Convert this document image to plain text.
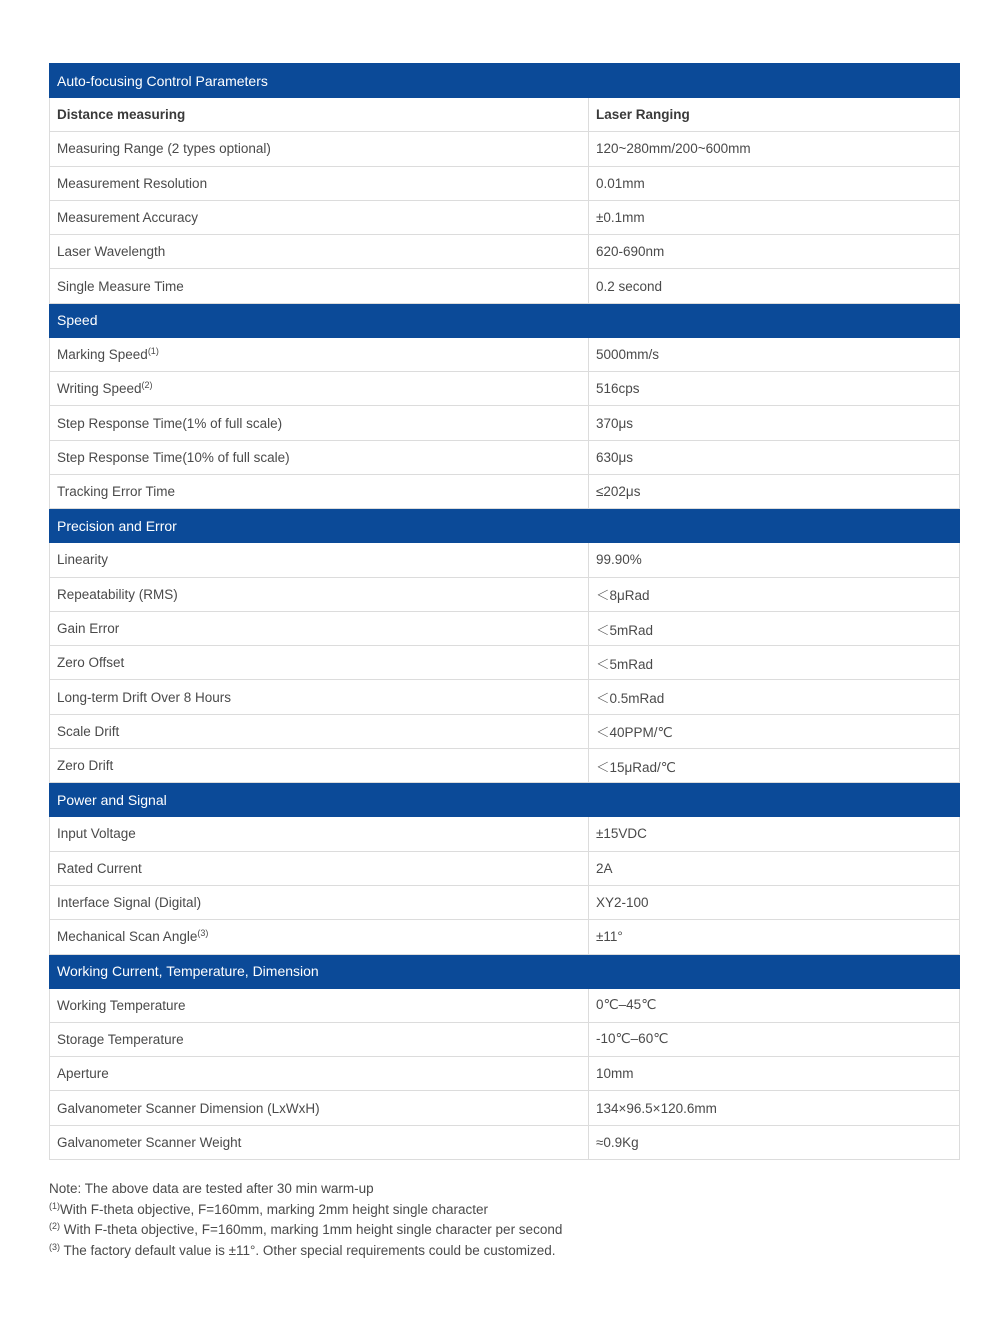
Auto-focusing Control Parameters	
Distance measuring	Laser Ranging
Measuring Range (2 types optional)	120~280mm/200~600mm
Measurement Resolution	0.01mm
Measurement Accuracy	±0.1mm
Laser Wavelength	620-690nm
Single Measure Time	0.2 second
Speed	
Marking Speed$^{(1)}$	5000mm/s
Writing Speed$^{(2)}$	516cps
Step Response Time(1% of full scale)	370μs
Step Response Time(10% of full scale)	630μs
Tracking Error Time	≤202μs
Precision and Error	
Linearity	99.90%
Repeatability (RMS)	＜8μRad
Gain Error	＜5mRad
Zero Offset	＜5mRad
Long-term Drift Over 8 Hours	＜0.5mRad
Scale Drift	＜40PPM/℃
Zero Drift	＜15μRad/℃
Power and Signal	
Input Voltage	±15VDC
Rated Current	2A
Interface Signal (Digital)	XY2-100
Mechanical Scan Angle$^{(3)}$	±11°
Working Current, Temperature, Dimension	
Working Temperature	0℃–45℃
Storage Temperature	-10℃–60℃
Aperture	10mm
Galvanometer Scanner Dimension (LxWxH)	134×96.5×120.6mm
Galvanometer Scanner Weight	≈0.9Kg
Note: The above data are tested after 30 min warm-up
$^{(1)}$With F-theta objective, F=160mm, marking 2mm height single character
$^{(2)}$ With F-theta objective, F=160mm, marking 1mm height single character per second
$^{(3)}$ The factory default value is ±11°. Other special requirements could be customized.
